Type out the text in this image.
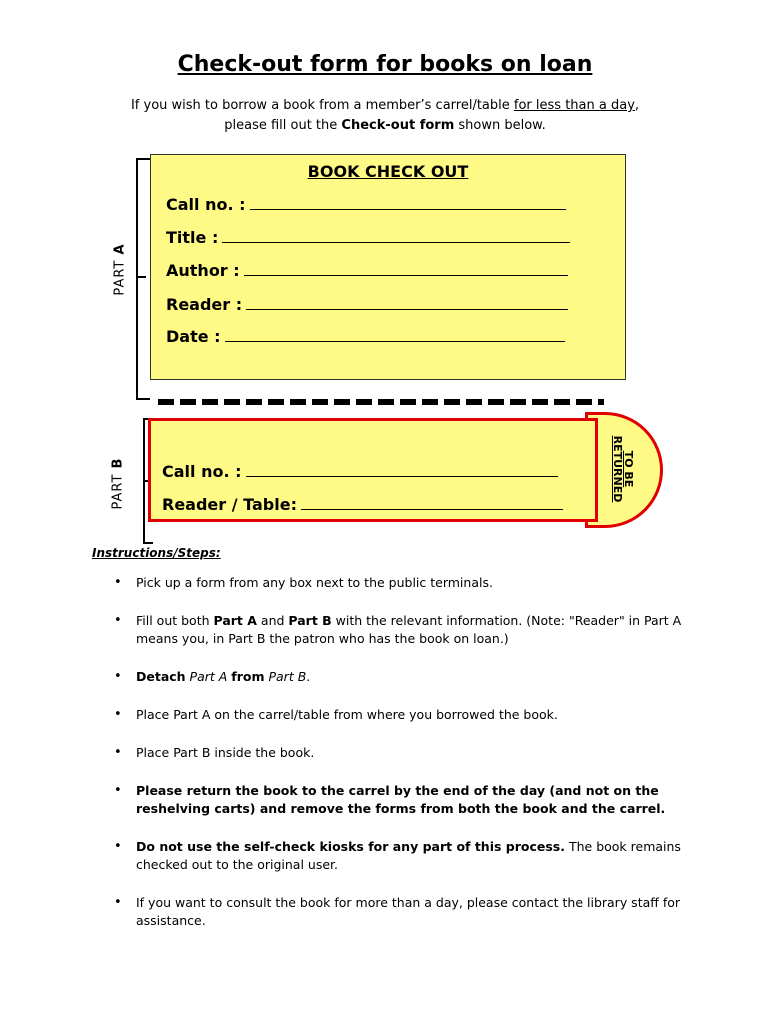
Check-out form for books on loan
If you wish to borrow a book from a member’s carrel/table for less than a day,
please fill out the Check-out form shown below.
PART A
BOOK CHECK OUT
Call no. :
Title :
Author :
Reader :
Date :
PART B	TO BE
RETURNED
Call no. :
Reader / Table:
Instructions/Steps:
• Pick up a form from any box next to the public terminals.
• Fill out both Part A and Part B with the relevant information. (Note: "Reader" in Part A means you, in Part B the patron who has the book on loan.)
• Detach Part A from Part B.
• Place Part A on the carrel/table from where you borrowed the book.
• Place Part B inside the book.
• Please return the book to the carrel by the end of the day (and not on the reshelving carts) and remove the forms from both the book and the carrel.
• Do not use the self-check kiosks for any part of this process. The book remains checked out to the original user.
• If you want to consult the book for more than a day, please contact the library staff for assistance.
